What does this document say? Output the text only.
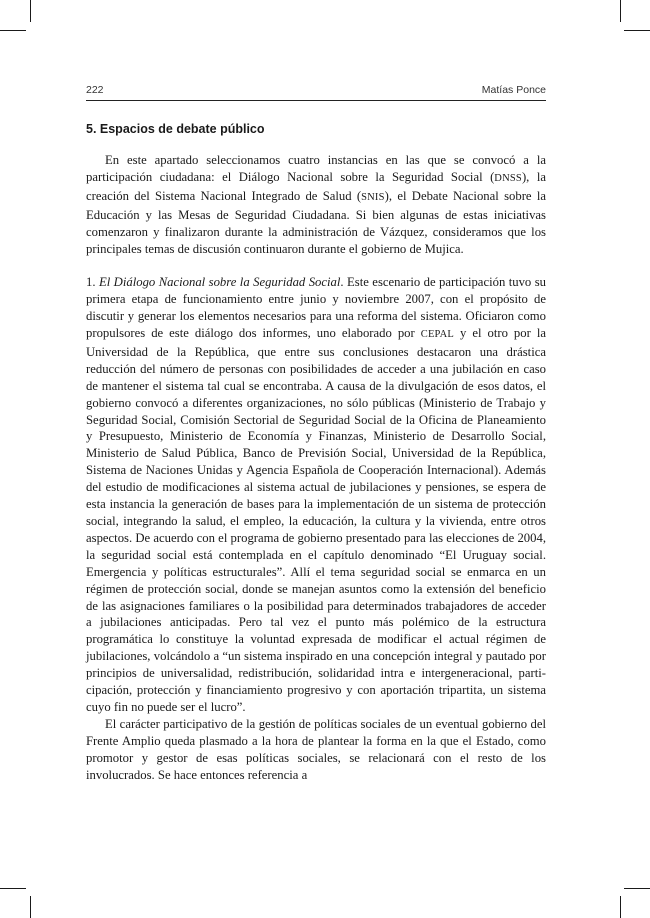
222	Matías Ponce
5. Espacios de debate público

En este apartado seleccionamos cuatro instancias en las que se convocó a la participación ciudadana: el Diálogo Nacional sobre la Seguridad Social (DNSS), la creación del Sistema Nacional Integrado de Salud (SNIS), el Debate Nacional sobre la Educación y las Mesas de Seguridad Ciudadana. Si bien algunas de estas iniciativas comenzaron y finalizaron durante la administración de Vázquez, consideramos que los principales temas de discusión continuaron durante el gobierno de Mujica.

1. El Diálogo Nacional sobre la Seguridad Social. Este escenario de participación tuvo su primera etapa de funcionamiento entre junio y noviembre 2007, con el propósito de discutir y generar los elementos necesarios para una reforma del sistema. Oficiaron como propulsores de este diálogo dos informes, uno elaborado por CEPAL y el otro por la Universidad de la República, que entre sus conclusiones destacaron una drástica reducción del número de personas con posibilidades de acceder a una jubilación en caso de mantener el sistema tal cual se encontraba. A causa de la divulgación de esos datos, el gobierno convocó a diferentes organizaciones, no sólo públicas (Ministerio de Trabajo y Seguridad Social, Comisión Sectorial de Seguridad Social de la Oficina de Planeamiento y Presupuesto, Ministerio de Economía y Finanzas, Ministerio de Desarrollo Social, Ministerio de Salud Pública, Banco de Previsión Social, Universidad de la República, Sistema de Naciones Unidas y Agencia Española de Cooperación Internacional). Además del estudio de modificaciones al sistema actual de jubilaciones y pensiones, se espera de esta instancia la generación de bases para la implementación de un sistema de protección social, integrando la salud, el empleo, la educación, la cultura y la vivienda, entre otros aspectos. De acuerdo con el programa de gobierno presentado para las elecciones de 2004, la seguridad social está contemplada en el capítulo denominado “El Uruguay social. Emergencia y políticas estructurales”. Allí el tema seguridad social se enmarca en un régimen de protección social, donde se manejan asuntos como la extensión del beneficio de las asignaciones familiares o la posibilidad para determinados trabajadores de acceder a jubilaciones anticipadas. Pero tal vez el punto más polémico de la estructura programática lo constituye la voluntad expresada de modificar el actual régimen de jubilaciones, volcándolo a “un sistema inspirado en una concepción integral y pautado por principios de universalidad, redistribución, solidaridad intra e intergeneracional, participación, protección y financiamiento progresivo y con aportación tripartita, un sistema cuyo fin no puede ser el lucro”.

El carácter participativo de la gestión de políticas sociales de un eventual gobierno del Frente Amplio queda plasmado a la hora de plantear la forma en la que el Estado, como promotor y gestor de esas políticas sociales, se relacionará con el resto de los involucrados. Se hace entonces referencia a
